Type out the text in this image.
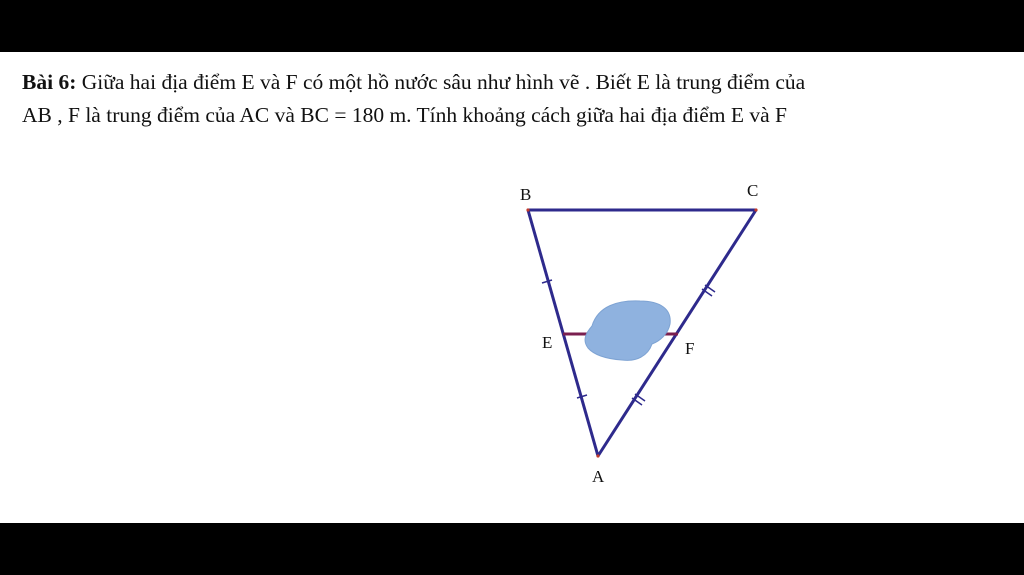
Bài 6: Giữa hai địa điểm E và F có một hồ nước sâu như hình vẽ . Biết E là trung điểm của
AB , F là trung điểm của AC và BC = 180 m. Tính khoảng cách giữa hai địa điểm E và F
B	C
E	F
A
